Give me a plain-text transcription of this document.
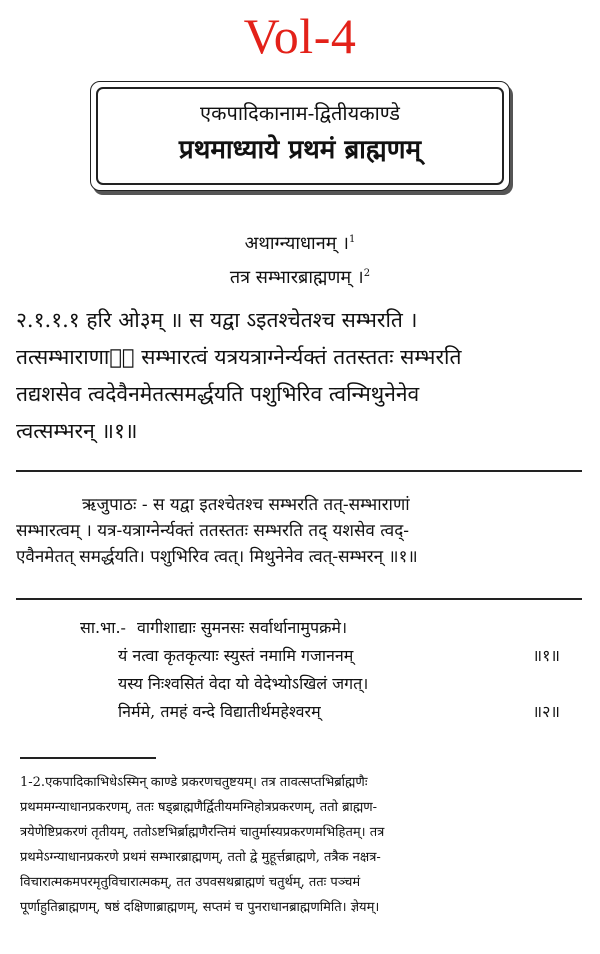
Vol-4
एकपादिकानाम-द्वितीयकाण्डे
प्रथमाध्याये प्रथमं ब्राह्मणम्
अथाग्न्याधानम् ।$^1$
तत्र सम्भारब्राह्मणम् ।$^2$

२.१.१.१ हरि ओ३म् ॥ स यद्वा ऽइतश्चेतश्च सम्भरति ।

तत्सम्भाराणाᳪं सम्भारत्वं यत्रयत्राग्नेर्न्यक्तं ततस्ततः सम्भरति

तद्यशसेव त्वदेवैनमेतत्समर्द्धयति पशुभिरिव त्वन्मिथुनेनेव

त्वत्सम्भरन् ॥१॥

ऋजुपाठः - स यद्वा इतश्चेतश्च सम्भरति तत्-सम्भाराणां

सम्भारत्वम् । यत्र-यत्राग्नेर्न्यक्तं ततस्ततः सम्भरति तद् यशसेव त्वद्-

एवैनमेतत् समर्द्धयति। पशुभिरिव त्वत्। मिथुनेनेव त्वत्-सम्भरन् ॥१॥

सा.भा.- वागीशाद्याः सुमनसः सर्वार्थानामुपक्रमे।
यं नत्वा कृतकृत्याः स्युस्तं नमामि गजाननम्	॥१॥
यस्य निःश्वसितं वेदा यो वेदेभ्योऽखिलं जगत्।
निर्ममे, तमहं वन्दे विद्यातीर्थमहेश्वरम्	॥२॥

1-2.एकपादिकाभिधेऽस्मिन् काण्डे प्रकरणचतुष्टयम्। तत्र तावत्सप्तभिर्ब्राह्मणैः

प्रथममग्न्याधानप्रकरणम्, ततः षड्ब्राह्मणैर्द्वितीयमग्निहोत्रप्रकरणम्, ततो ब्राह्मण-

त्रयेणेष्टिप्रकरणं तृतीयम्, ततोऽष्टभिर्ब्राह्मणैरन्तिमं चातुर्मास्यप्रकरणमभिहितम्। तत्र

प्रथमेऽग्न्याधानप्रकरणे प्रथमं सम्भारब्राह्मणम्, ततो द्वे मुहूर्त्तब्राह्मणे, तत्रैक नक्षत्र-

विचारात्मकमपरमृतुविचारात्मकम्, तत उपवसथब्राह्मणं चतुर्थम्, ततः पञ्चमं

पूर्णाहुतिब्राह्मणम्, षष्ठं दक्षिणाब्राह्मणम्, सप्तमं च पुनराधानब्राह्मणमिति। ज्ञेयम्।
